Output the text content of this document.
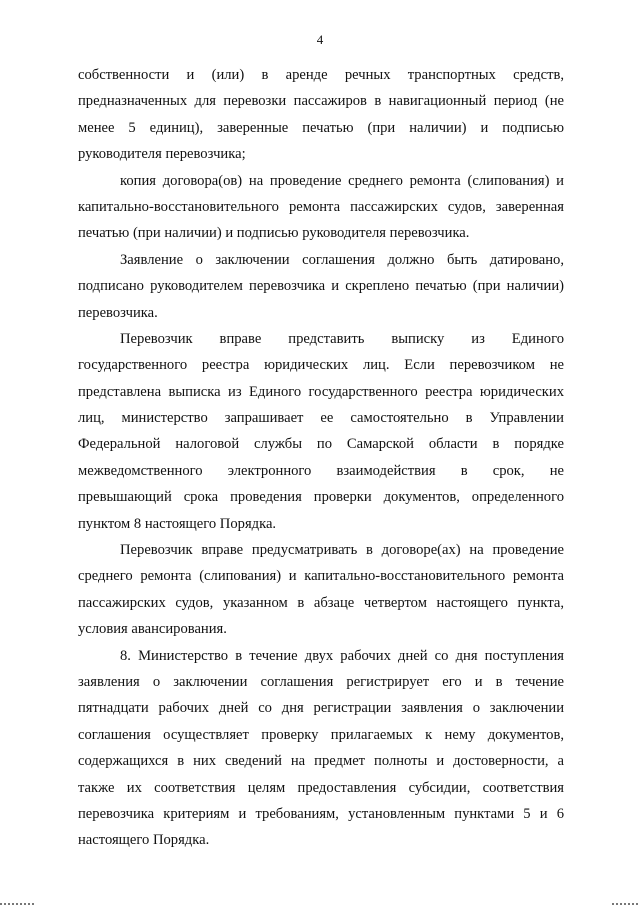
4
собственности и (или) в аренде речных транспортных средств,
предназначенных для перевозки пассажиров в навигационный период (не
менее 5 единиц), заверенные печатью (при наличии) и подписью
руководителя перевозчика;
копия договора(ов) на проведение среднего ремонта (слипования) и
капитально-восстановительного ремонта пассажирских судов, заверенная
печатью (при наличии) и подписью руководителя перевозчика.
Заявление о заключении соглашения должно быть датировано,
подписано руководителем перевозчика и скреплено печатью (при наличии)
перевозчика.
Перевозчик вправе представить выписку из Единого
государственного реестра юридических лиц. Если перевозчиком не
представлена выписка из Единого государственного реестра юридических
лиц, министерство запрашивает ее самостоятельно в Управлении
Федеральной налоговой службы по Самарской области в порядке
межведомственного электронного взаимодействия в срок, не
превышающий срока проведения проверки документов, определенного
пунктом 8 настоящего Порядка.
Перевозчик вправе предусматривать в договоре(ах) на проведение
среднего ремонта (слипования) и капитально-восстановительного ремонта
пассажирских судов, указанном в абзаце четвертом настоящего пункта,
условия авансирования.
8. Министерство в течение двух рабочих дней со дня поступления
заявления о заключении соглашения регистрирует его и в течение
пятнадцати рабочих дней со дня регистрации заявления о заключении
соглашения осуществляет проверку прилагаемых к нему документов,
содержащихся в них сведений на предмет полноты и достоверности, а
также их соответствия целям предоставления субсидии, соответствия
перевозчика критериям и требованиям, установленным пунктами 5 и 6
настоящего Порядка.
